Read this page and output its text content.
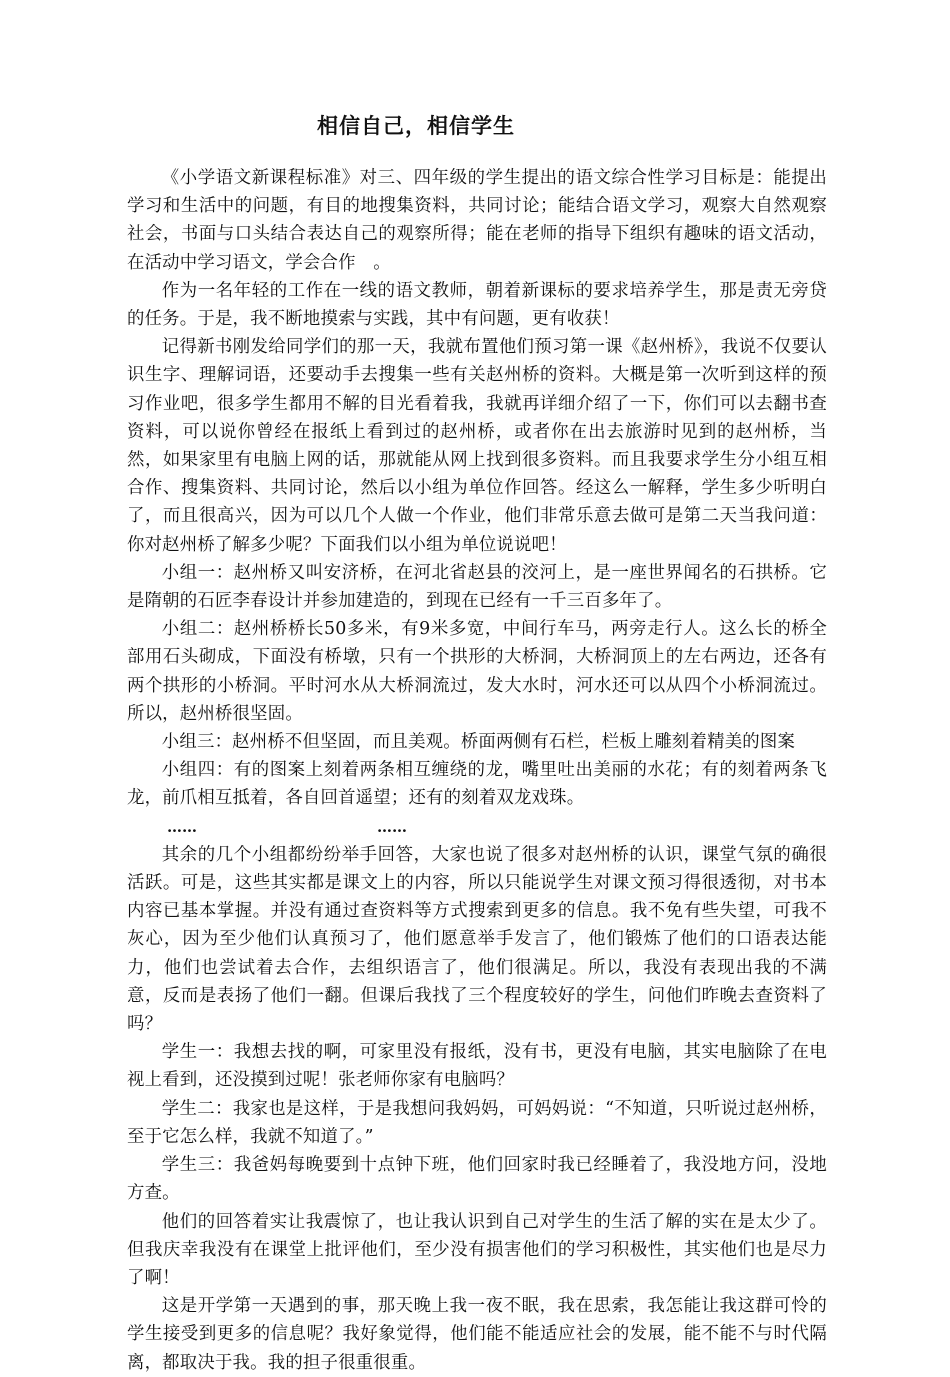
相信自己，相信学生

《小学语文新课程标准》对三、四年级的学生提出的语文综合性学习目标是：能提出学习和生活中的问题，有目的地搜集资料，共同讨论；能结合语文学习，观察大自然观察社会，书面与口头结合表达自己的观察所得；能在老师的指导下组织有趣味的语文活动，在活动中学习语文，学会合作　。

作为一名年轻的工作在一线的语文教师，朝着新课标的要求培养学生，那是责无旁贷的任务。于是，我不断地摸索与实践，其中有问题，更有收获！

记得新书刚发给同学们的那一天，我就布置他们预习第一课《赵州桥》，我说不仅要认识生字、理解词语，还要动手去搜集一些有关赵州桥的资料。大概是第一次听到这样的预习作业吧，很多学生都用不解的目光看着我，我就再详细介绍了一下，你们可以去翻书查资料，可以说你曾经在报纸上看到过的赵州桥，或者你在出去旅游时见到的赵州桥，当然，如果家里有电脑上网的话，那就能从网上找到很多资料。而且我要求学生分小组互相合作、搜集资料、共同讨论，然后以小组为单位作回答。经这么一解释，学生多少听明白了，而且很高兴，因为可以几个人做一个作业，他们非常乐意去做可是第二天当我问道：你对赵州桥了解多少呢？下面我们以小组为单位说说吧！

小组一：赵州桥又叫安济桥，在河北省赵县的洨河上，是一座世界闻名的石拱桥。它是隋朝的石匠李春设计并参加建造的，到现在已经有一千三百多年了。

小组二：赵州桥桥长50多米，有9米多宽，中间行车马，两旁走行人。这么长的桥全部用石头砌成，下面没有桥墩，只有一个拱形的大桥洞，大桥洞顶上的左右两边，还各有两个拱形的小桥洞。平时河水从大桥洞流过，发大水时，河水还可以从四个小桥洞流过。所以，赵州桥很坚固。

小组三：赵州桥不但坚固，而且美观。桥面两侧有石栏，栏板上雕刻着精美的图案

小组四：有的图案上刻着两条相互缠绕的龙，嘴里吐出美丽的水花；有的刻着两条飞龙，前爪相互抵着，各自回首遥望；还有的刻着双龙戏珠。

……	……

其余的几个小组都纷纷举手回答，大家也说了很多对赵州桥的认识，课堂气氛的确很活跃。可是，这些其实都是课文上的内容，所以只能说学生对课文预习得很透彻，对书本内容已基本掌握。并没有通过查资料等方式搜索到更多的信息。我不免有些失望，可我不灰心，因为至少他们认真预习了，他们愿意举手发言了，他们锻炼了他们的口语表达能力，他们也尝试着去合作，去组织语言了，他们很满足。所以，我没有表现出我的不满意，反而是表扬了他们一翻。但课后我找了三个程度较好的学生，问他们昨晚去查资料了吗？

学生一：我想去找的啊，可家里没有报纸，没有书，更没有电脑，其实电脑除了在电视上看到，还没摸到过呢！张老师你家有电脑吗？

学生二：我家也是这样，于是我想问我妈妈，可妈妈说：“不知道，只听说过赵州桥，至于它怎么样，我就不知道了。”

学生三：我爸妈每晚要到十点钟下班，他们回家时我已经睡着了，我没地方问，没地方查。

他们的回答着实让我震惊了，也让我认识到自己对学生的生活了解的实在是太少了。但我庆幸我没有在课堂上批评他们，至少没有损害他们的学习积极性，其实他们也是尽力了啊！

这是开学第一天遇到的事，那天晚上我一夜不眠，我在思索，我怎能让我这群可怜的学生接受到更多的信息呢？我好象觉得，他们能不能适应社会的发展，能不能不与时代隔离，都取决于我。我的担子很重很重。
